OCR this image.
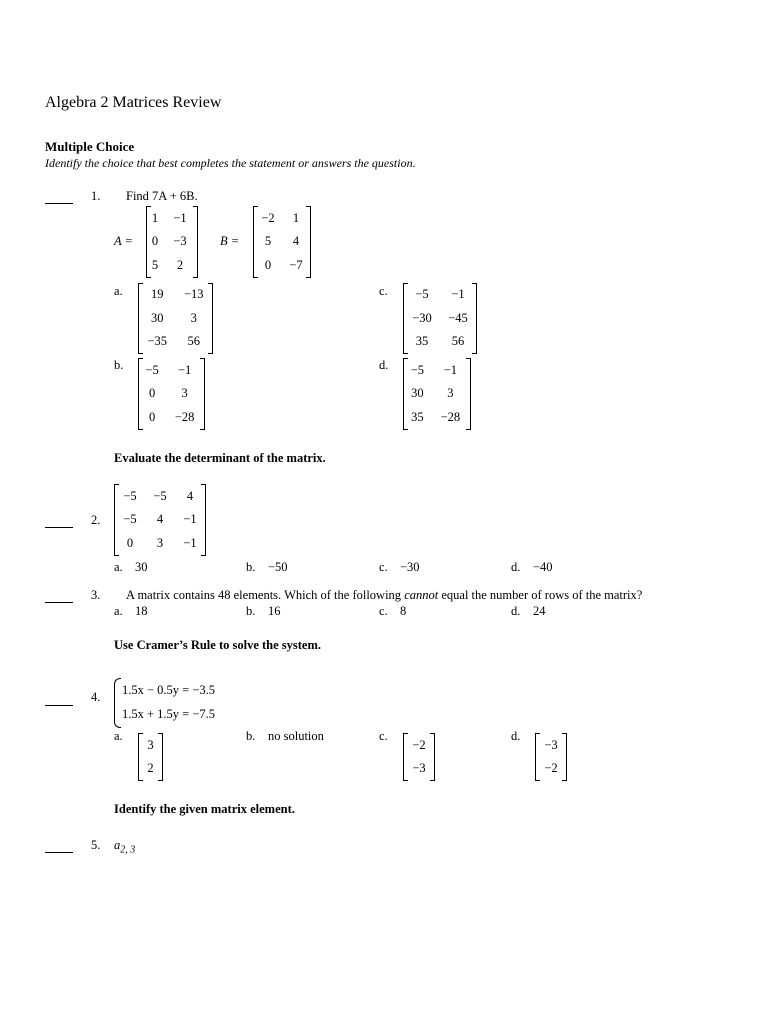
Algebra 2 Matrices Review
Multiple Choice
Identify the choice that best completes the statement or answers the question.
1. Find 7A + 6B.
A =
1	−1
0	−3
5	2
B =
−2	1
5	4
0	−7
a. 19	−13
30	3
−35	56
c. −5	−1
−30	−45
35	56
b. −5	−1
0	3
0	−28
d. −5	−1
30	3
35	−28
Evaluate the determinant of the matrix.
−5	−5	4
−5	4	−1
0	3	−1
2.
a. 30	b. −50	c. −30	d. −40
3. A matrix contains 48 elements. Which of the following cannot equal the number of rows of the matrix?
a. 18	b. 16	c. 8	d. 24
Use Cramer’s Rule to solve the system.
1.5x − 0.5y = −3.5
1.5x + 1.5y = −7.5
4.
a.
3
2
b. no solution	c.
−2
−3
d.
−3
−2
Identify the given matrix element.
5. $a_{2, 3}$
